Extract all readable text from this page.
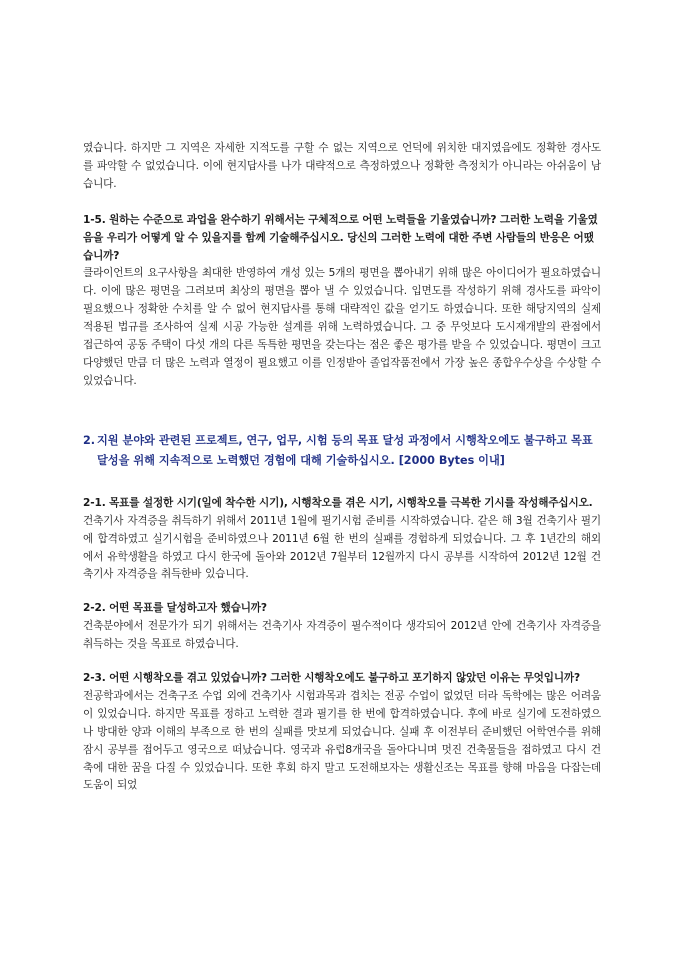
였습니다. 하지만 그 지역은 자세한 지적도를 구할 수 없는 지역으로 언덕에 위치한 대지였음에도 정확한 경사도를 파악할 수 없었습니다. 이에 현지답사를 나가 대략적으로 측정하였으나 정확한 측정치가 아니라는 아쉬움이 남습니다.

1-5. 원하는 수준으로 과업을 완수하기 위해서는 구체적으로 어떤 노력들을 기울였습니까? 그러한 노력을 기울였음을 우리가 어떻게 알 수 있을지를 함께 기술해주십시오. 당신의 그러한 노력에 대한 주변 사람들의 반응은 어땠습니까?

클라이언트의 요구사항을 최대한 반영하여 개성 있는 5개의 평면을 뽑아내기 위해 많은 아이디어가 필요하였습니다. 이에 많은 평면을 그려보며 최상의 평면을 뽑아 낼 수 있었습니다. 입면도를 작성하기 위해 경사도를 파악이 필요했으나 정확한 수치를 알 수 없어 현지답사를 통해 대략적인 값을 얻기도 하였습니다. 또한 해당지역의 실제 적용된 법규를 조사하여 실제 시공 가능한 설계를 위해 노력하였습니다. 그 중 무엇보다 도시재개발의 관점에서 접근하여 공동 주택이 다섯 개의 다른 독특한 평면을 갖는다는 점은 좋은 평가를 받을 수 있었습니다. 평면이 크고 다양했던 만큼 더 많은 노력과 열정이 필요했고 이를 인정받아 졸업작품전에서 가장 높은 종합우수상을 수상할 수 있었습니다.

2. 지원 분야와 관련된 프로젝트, 연구, 업무, 시험 등의 목표 달성 과정에서 시행착오에도 불구하고 목표달성을 위해 지속적으로 노력했던 경험에 대해 기술하십시오. [2000 Bytes 이내]

2-1. 목표를 설정한 시기(일에 착수한 시기), 시행착오를 겪은 시기, 시행착오를 극복한 기시를 작성해주십시오.

건축기사 자격증을 취득하기 위해서 2011년 1월에 필기시험 준비를 시작하였습니다. 같은 해 3월 건축기사 필기에 합격하였고 실기시험을 준비하였으나 2011년 6월 한 번의 실패를 경험하게 되었습니다. 그 후 1년간의 해외에서 유학생활을 하였고 다시 한국에 돌아와 2012년 7월부터 12월까지 다시 공부를 시작하여 2012년 12월 건축기사 자격증을 취득한바 있습니다.

2-2. 어떤 목표를 달성하고자 했습니까?

건축분야에서 전문가가 되기 위해서는 건축기사 자격증이 필수적이다 생각되어 2012년 안에 건축기사 자격증을 취득하는 것을 목표로 하였습니다.

2-3. 어떤 시행착오를 겪고 있었습니까? 그러한 시행착오에도 불구하고 포기하지 않았던 이유는 무엇입니까?

전공학과에서는 건축구조 수업 외에 건축기사 시험과목과 겹치는 전공 수업이 없었던 터라 독학에는 많은 어려움이 있었습니다. 하지만 목표를 정하고 노력한 결과 필기를 한 번에 합격하였습니다. 후에 바로 실기에 도전하였으나 방대한 양과 이해의 부족으로 한 번의 실패를 맛보게 되었습니다. 실패 후 이전부터 준비했던 어학연수를 위해 잠시 공부를 접어두고 영국으로 떠났습니다. 영국과 유럽8개국을 돌아다니며 멋진 건축물들을 접하였고 다시 건축에 대한 꿈을 다질 수 있었습니다. 또한 후회 하지 말고 도전해보자는 생활신조는 목표를 향해 마음을 다잡는데 도움이 되었
